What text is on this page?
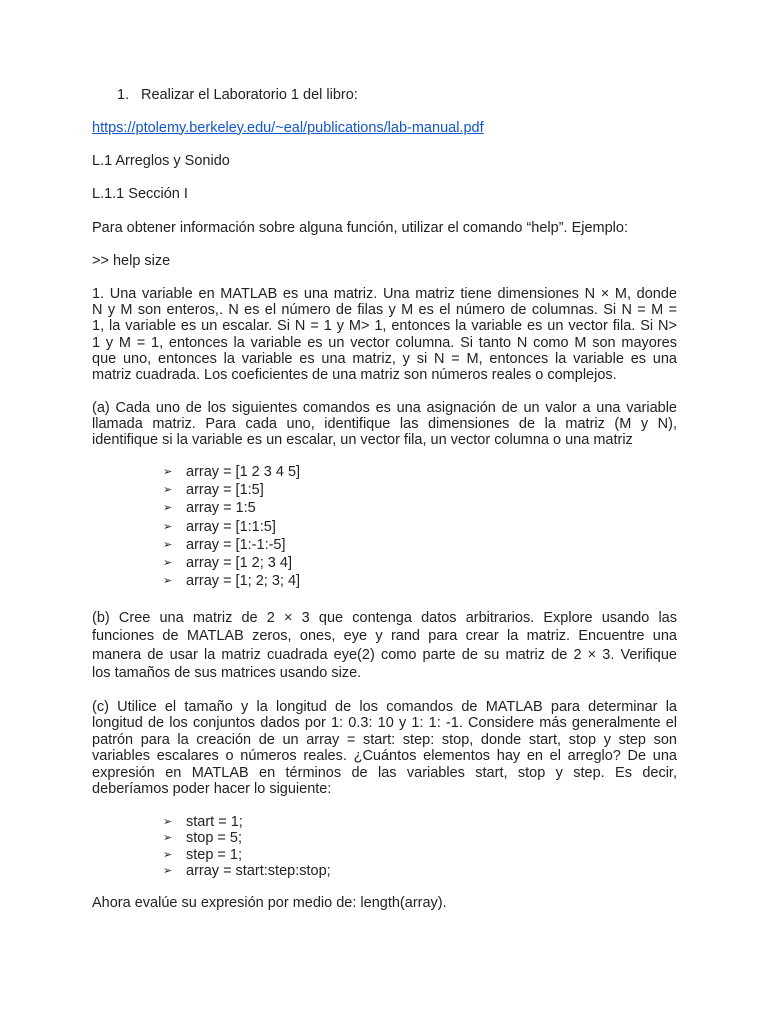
1. Realizar el Laboratorio 1 del libro:
https://ptolemy.berkeley.edu/~eal/publications/lab-manual.pdf
L.1 Arreglos y Sonido
L.1.1 Sección I
Para obtener información sobre alguna función, utilizar el comando “help”. Ejemplo:
>> help size
1. Una variable en MATLAB es una matriz. Una matriz tiene dimensiones N × M, donde
N y M son enteros,. N es el número de filas y M es el número de columnas. Si N = M =
1, la variable es un escalar. Si N = 1 y M> 1, entonces la variable es un vector fila. Si N>
1 y M = 1, entonces la variable es un vector columna. Si tanto N como M son mayores
que uno, entonces la variable es una matriz, y si N = M, entonces la variable es una
matriz cuadrada. Los coeficientes de una matriz son números reales o complejos.
(a) Cada uno de los siguientes comandos es una asignación de un valor a una variable
llamada matriz. Para cada uno, identifique las dimensiones de la matriz (M y N),
identifique si la variable es un escalar, un vector fila, un vector columna o una matriz
➢
array = [1 2 3 4 5]
➢
array = [1:5]
➢
array = 1:5
➢
array = [1:1:5]
➢
array = [1:-1:-5]
➢
array = [1 2; 3 4]
➢
array = [1; 2; 3; 4]
(b) Cree una matriz de 2 × 3 que contenga datos arbitrarios. Explore usando las
funciones de MATLAB zeros, ones, eye y rand para crear la matriz. Encuentre una
manera de usar la matriz cuadrada eye(2) como parte de su matriz de 2 × 3. Verifique
los tamaños de sus matrices usando size.
(c) Utilice el tamaño y la longitud de los comandos de MATLAB para determinar la
longitud de los conjuntos dados por 1: 0.3: 10 y 1: 1: -1. Considere más generalmente el
patrón para la creación de un array = start: step: stop, donde start, stop y step son
variables escalares o números reales. ¿Cuántos elementos hay en el arreglo? De una
expresión en MATLAB en términos de las variables start, stop y step. Es decir,
deberíamos poder hacer lo siguiente:
➢
start = 1;
➢
stop = 5;
➢
step = 1;
➢
array = start:step:stop;
Ahora evalúe su expresión por medio de: length(array).
